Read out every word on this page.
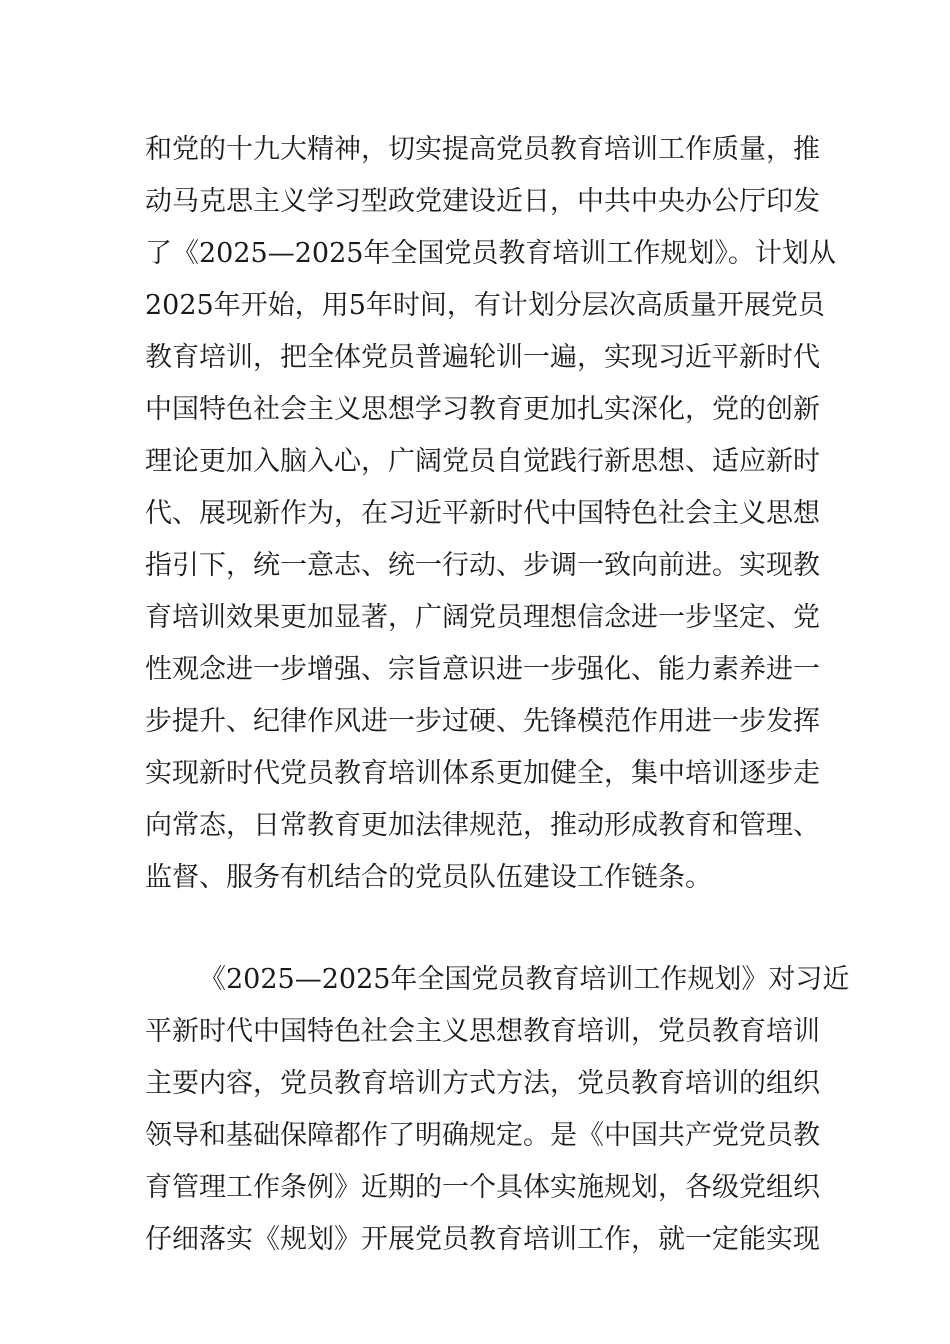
和党的十九大精神，切实提高党员教育培训工作质量，推
动马克思主义学习型政党建设近日，中共中央办公厅印发
了《2025—2025年全国党员教育培训工作规划》。计划从
2025年开始，用5年时间，有计划分层次高质量开展党员
教育培训，把全体党员普遍轮训一遍，实现习近平新时代
中国特色社会主义思想学习教育更加扎实深化，党的创新
理论更加入脑入心，广阔党员自觉践行新思想、适应新时
代、展现新作为，在习近平新时代中国特色社会主义思想
指引下，统一意志、统一行动、步调一致向前进。实现教
育培训效果更加显著，广阔党员理想信念进一步坚定、党
性观念进一步增强、宗旨意识进一步强化、能力素养进一
步提升、纪律作风进一步过硬、先锋模范作用进一步发挥
实现新时代党员教育培训体系更加健全，集中培训逐步走
向常态，日常教育更加法律规范，推动形成教育和管理、
监督、服务有机结合的党员队伍建设工作链条。
《2025—2025年全国党员教育培训工作规划》对习近
平新时代中国特色社会主义思想教育培训，党员教育培训
主要内容，党员教育培训方式方法，党员教育培训的组织
领导和基础保障都作了明确规定。是《中国共产党党员教
育管理工作条例》近期的一个具体实施规划，各级党组织
仔细落实《规划》开展党员教育培训工作，就一定能实现
